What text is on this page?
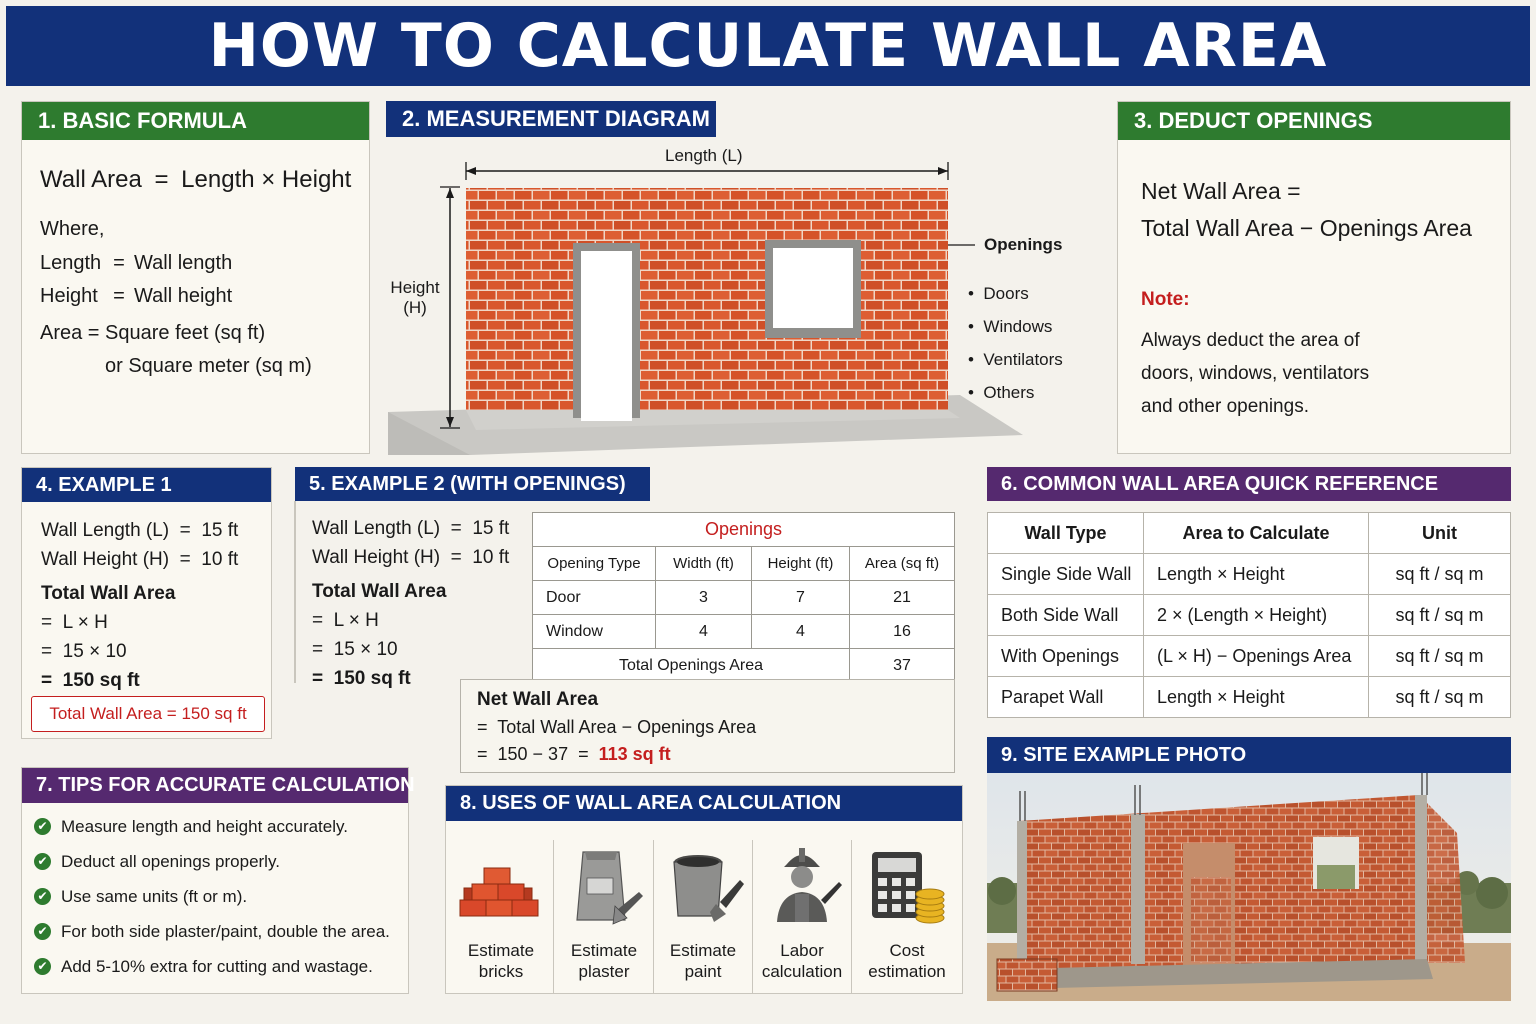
HOW TO CALCULATE WALL AREA
1. BASIC FORMULA
Wall Area = Length × Height
Where,
Length = Wall length
Height = Wall height
Area = Square feet (sq ft)
or Square meter (sq m)
2. MEASUREMENT DIAGRAM
Length (L)
Height
(H)
Openings
•  Doors
•  Windows
•  Ventilators
•  Others
3. DEDUCT OPENINGS
Net Wall Area =
Total Wall Area − Openings Area
Note:
Always deduct the area of
doors, windows, ventilators
and other openings.
4. EXAMPLE 1
Wall Length (L)  =  15 ft
Wall Height (H)  =  10 ft
Total Wall Area
=  L × H
=  15 × 10
=  150 sq ft
Total Wall Area = 150 sq ft
5. EXAMPLE 2 (WITH OPENINGS)
Wall Length (L)  =  15 ft
Wall Height (H)  =  10 ft
Total Wall Area
=  L × H
=  15 × 10
=  150 sq ft
Openings			
Opening Type	Width (ft)	Height (ft)	Area (sq ft)
Door	3	7	21
Window	4	4	16
Total Openings Area			37
Net Wall Area
=  Total Wall Area − Openings Area
=  150 − 37  = 113 sq ft
6. COMMON WALL AREA QUICK REFERENCE
Wall Type	Area to Calculate	Unit
Single Side Wall	Length × Height	sq ft / sq m
Both Side Wall	2 × (Length × Height)	sq ft / sq m
With Openings	(L × H) − Openings Area	sq ft / sq m
Parapet Wall	Length × Height	sq ft / sq m
7. TIPS FOR ACCURATE CALCULATION
✔ Measure length and height accurately.
✔ Deduct all openings properly.
✔ Use same units (ft or m).
✔ For both side plaster/paint, double the area.
✔ Add 5-10% extra for cutting and wastage.
8. USES OF WALL AREA CALCULATION
Estimate
bricks
Estimate
plaster
Estimate
paint
Labor
calculation
Cost
estimation
9. SITE EXAMPLE PHOTO
